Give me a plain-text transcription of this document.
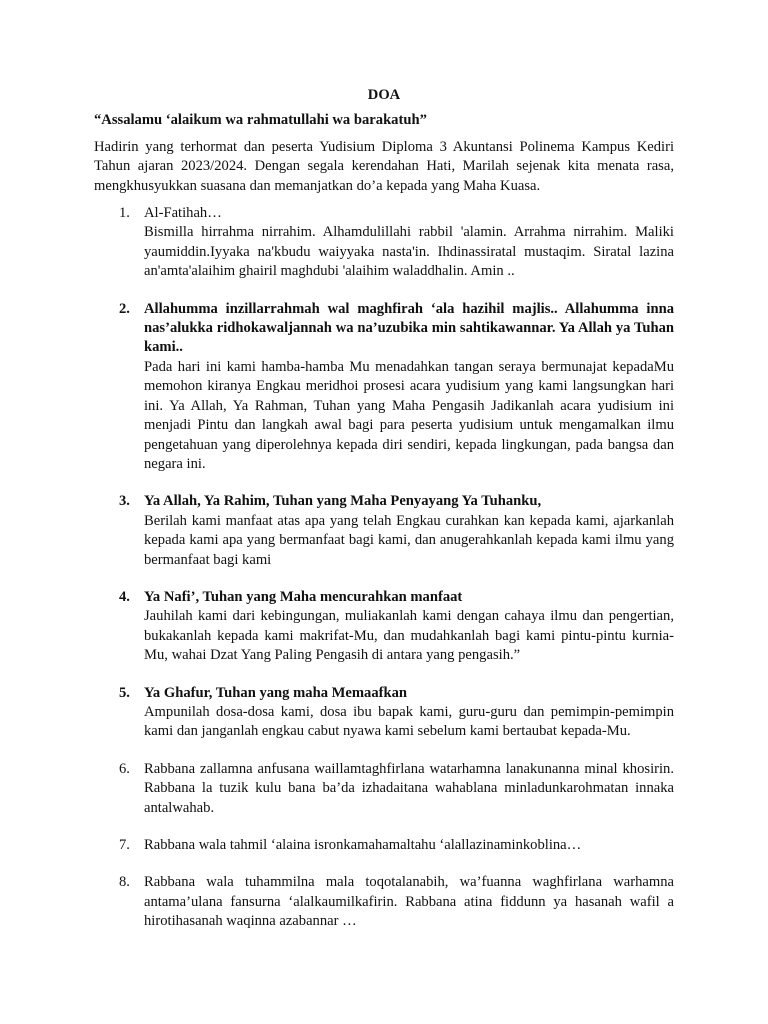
DOA
“Assalamu ‘alaikum wa rahmatullahi wa barakatuh”
Hadirin yang terhormat dan peserta Yudisium Diploma 3 Akuntansi Polinema Kampus Kediri Tahun ajaran 2023/2024. Dengan segala kerendahan Hati, Marilah sejenak kita menata rasa, mengkhusyukkan suasana dan memanjatkan do’a kepada yang Maha Kuasa.
1. Al-Fatihah…
Bismilla hirrahma nirrahim. Alhamdulillahi rabbil 'alamin. Arrahma nirrahim. Maliki yaumiddin.Iyyaka na'kbudu waiyyaka nasta'in. Ihdinassiratal mustaqim. Siratal lazina an'amta'alaihim ghairil maghdubi 'alaihim waladdhalin. Amin ..
2. Allahumma inzillarrahmah wal maghfirah ‘ala hazihil majlis.. Allahumma inna nas’alukka ridhokawaljannah wa na’uzubika min sahtikawannar. Ya Allah ya Tuhan kami..
Pada hari ini kami hamba-hamba Mu menadahkan tangan seraya bermunajat kepadaMu memohon kiranya Engkau meridhoi prosesi acara yudisium yang kami langsungkan hari ini. Ya Allah, Ya Rahman, Tuhan yang Maha Pengasih Jadikanlah acara yudisium ini menjadi Pintu dan langkah awal bagi para peserta yudisium untuk mengamalkan ilmu pengetahuan yang diperolehnya kepada diri sendiri, kepada lingkungan, pada bangsa dan negara ini.
3. Ya Allah, Ya Rahim, Tuhan yang Maha Penyayang Ya Tuhanku,
Berilah kami manfaat atas apa yang telah Engkau curahkan kan kepada kami, ajarkanlah kepada kami apa yang bermanfaat bagi kami, dan anugerahkanlah kepada kami ilmu yang bermanfaat bagi kami
4. Ya Nafi’, Tuhan yang Maha mencurahkan manfaat
Jauhilah kami dari kebingungan, muliakanlah kami dengan cahaya ilmu dan pengertian, bukakanlah kepada kami makrifat-Mu, dan mudahkanlah bagi kami pintu-pintu kurnia-Mu, wahai Dzat Yang Paling Pengasih di antara yang pengasih.”
5. Ya Ghafur, Tuhan yang maha Memaafkan
Ampunilah dosa-dosa kami, dosa ibu bapak kami, guru-guru dan pemimpin-pemimpin kami dan janganlah engkau cabut nyawa kami sebelum kami bertaubat kepada-Mu.
6. Rabbana zallamna anfusana waillamtaghfirlana watarhamna lanakunanna minal khosirin. Rabbana la tuzik kulu bana ba’da izhadaitana wahablana minladunkarohmatan innaka antalwahab.
7. Rabbana wala tahmil ‘alaina isronkamahamaltahu ‘alallazinaminkoblina…
8. Rabbana wala tuhammilna mala toqotalanabih, wa’fuanna waghfirlana warhamna antama’ulana fansurna ‘alalkaumilkafirin. Rabbana atina fiddunn ya hasanah wafil a hirotihasanah waqinna azabannar …
